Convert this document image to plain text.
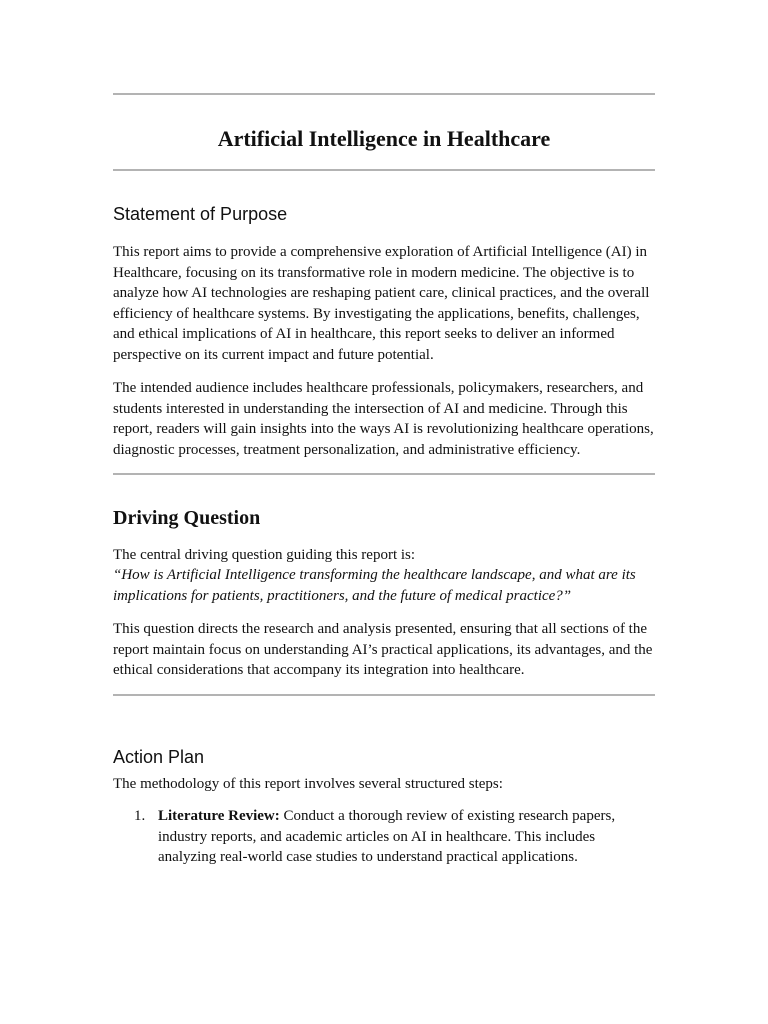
Artificial Intelligence in Healthcare
Statement of Purpose

This report aims to provide a comprehensive exploration of Artificial Intelligence (AI) in Healthcare, focusing on its transformative role in modern medicine. The objective is to analyze how AI technologies are reshaping patient care, clinical practices, and the overall efficiency of healthcare systems. By investigating the applications, benefits, challenges, and ethical implications of AI in healthcare, this report seeks to deliver an informed perspective on its current impact and future potential.

The intended audience includes healthcare professionals, policymakers, researchers, and students interested in understanding the intersection of AI and medicine. Through this report, readers will gain insights into the ways AI is revolutionizing healthcare operations, diagnostic processes, treatment personalization, and administrative efficiency.

Driving Question

The central driving question guiding this report is:

“How is Artificial Intelligence transforming the healthcare landscape, and what are its implications for patients, practitioners, and the future of medical practice?”

This question directs the research and analysis presented, ensuring that all sections of the report maintain focus on understanding AI’s practical applications, its advantages, and the ethical considerations that accompany its integration into healthcare.

Action Plan

The methodology of this report involves several structured steps:

1. Literature Review: Conduct a thorough review of existing research papers, industry reports, and academic articles on AI in healthcare. This includes analyzing real-world case studies to understand practical applications.
